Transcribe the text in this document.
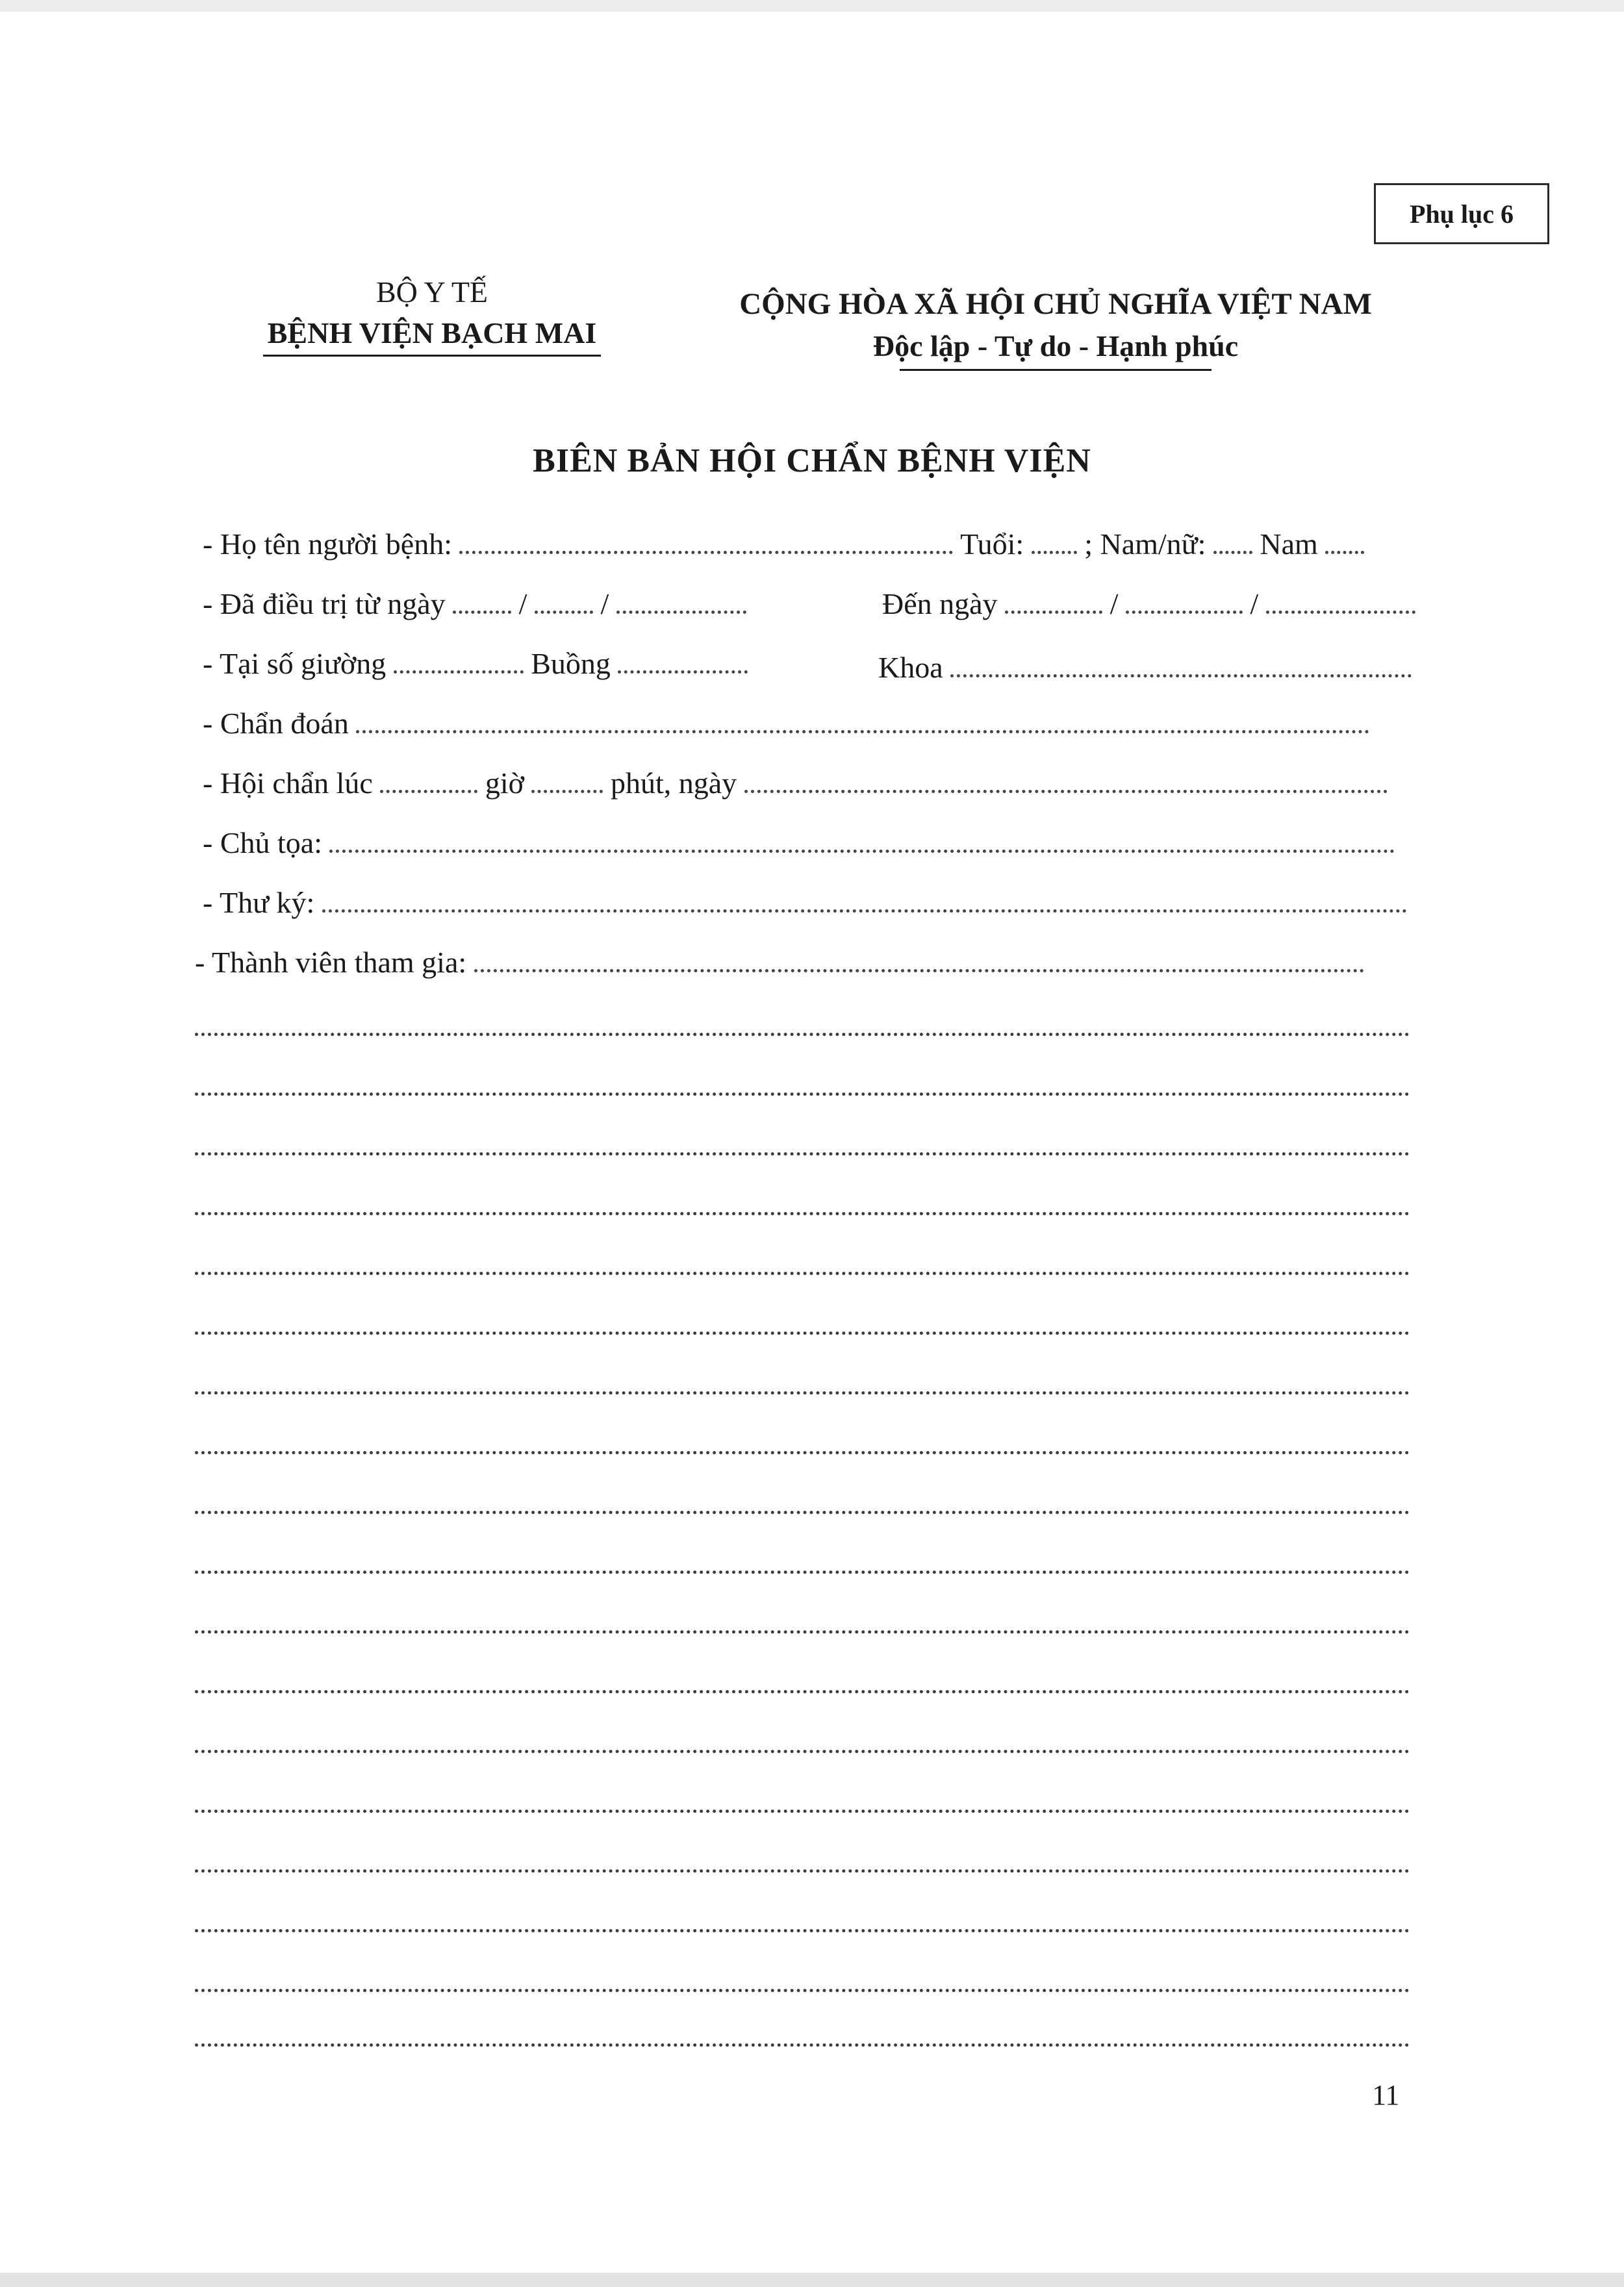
Phụ lục 6
BỘ Y TẾ
BỆNH VIỆN BẠCH MAI
CỘNG HÒA XÃ HỘI CHỦ NGHĨA VIỆT NAM
Độc lập - Tự do - Hạnh phúc
BIÊN BẢN HỘI CHẨN BỆNH VIỆN
- Họ tên người bệnh:	Tuổi: ; Nam/nữ: Nam
- Đã điều trị từ ngày / /	Đến ngày	/	/
- Tại số giường	Buồng	Khoa
- Chẩn đoán
- Hội chẩn lúc	giờ	phút, ngày
- Chủ tọa:
- Thư ký:
- Thành viên tham gia:
11
